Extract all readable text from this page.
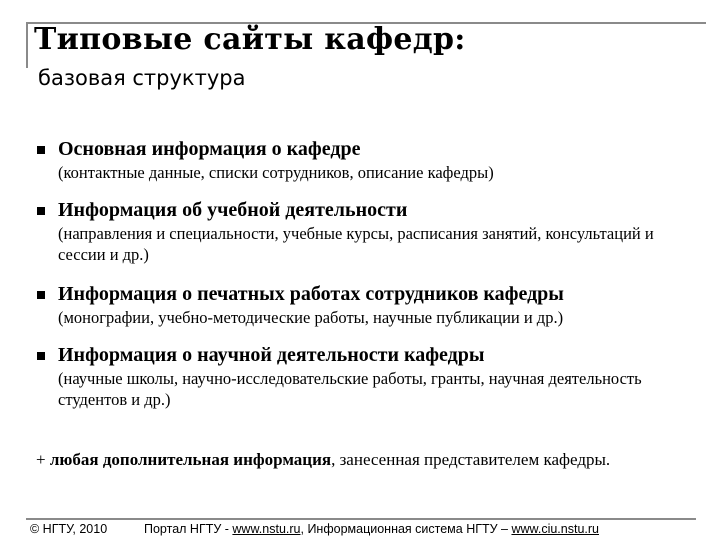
Типовые сайты кафедр:
базовая структура
Основная информация о кафедре
(контактные данные, списки сотрудников, описание кафедры)
Информация об учебной деятельности
(направления и специальности, учебные курсы, расписания занятий, консультаций и сессии и др.)
Информация о печатных работах сотрудников кафедры
(монографии, учебно-методические работы, научные публикации и др.)
Информация о научной деятельности кафедры
(научные школы, научно-исследовательские работы, гранты, научная деятельность студентов и др.)
+ любая дополнительная информация, занесенная представителем кафедры.
© НГТУ, 2010	Портал НГТУ - www.nstu.ru, Информационная система НГТУ – www.ciu.nstu.ru
